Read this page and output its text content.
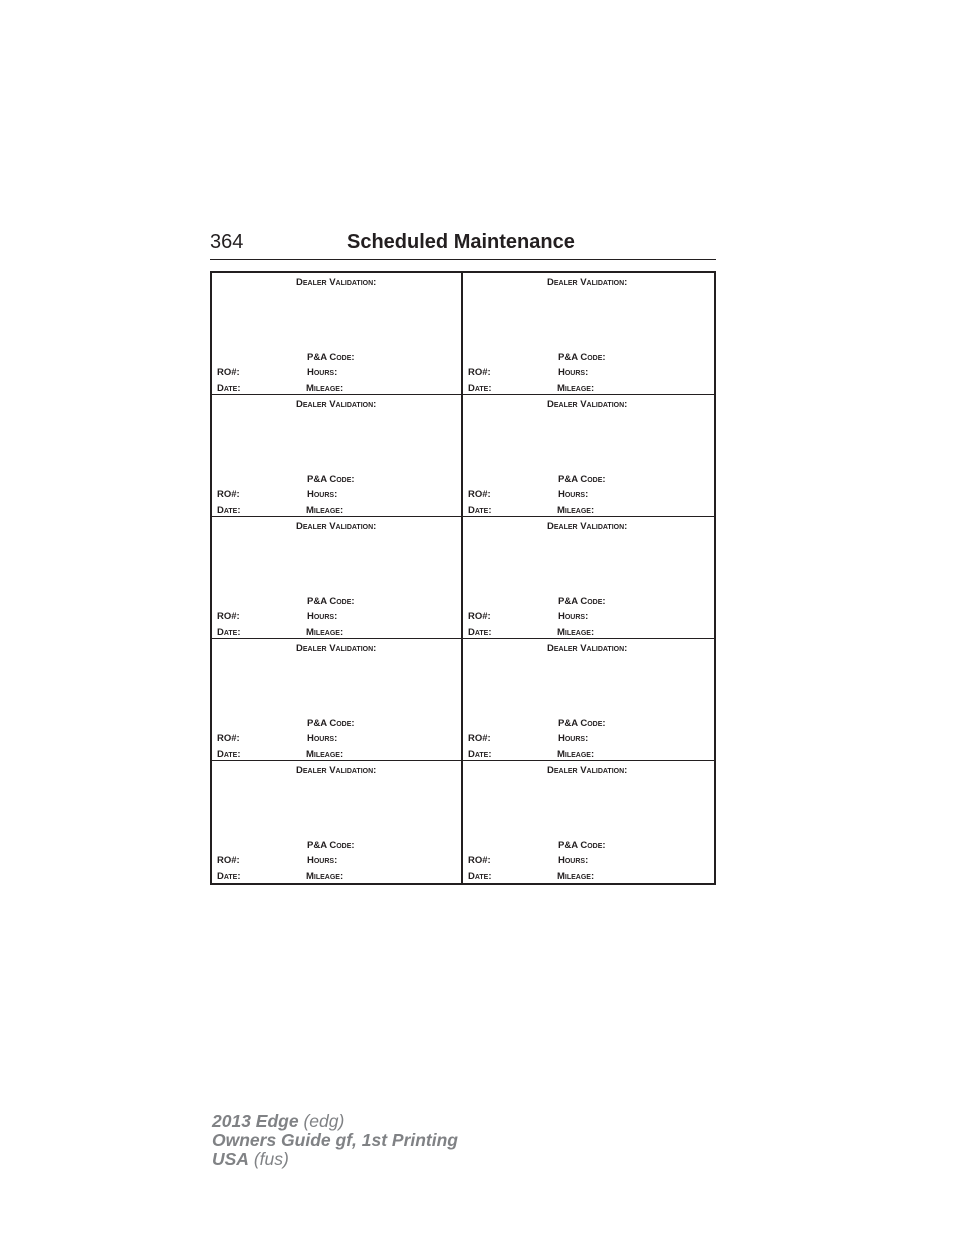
364	Scheduled Maintenance
Dealer Validation:
P&A Code:
RO#:	Hours:
Date:	Mileage:
Dealer Validation:
P&A Code:
RO#:	Hours:
Date:	Mileage:
Dealer Validation:
P&A Code:
RO#:	Hours:
Date:	Mileage:
Dealer Validation:
P&A Code:
RO#:	Hours:
Date:	Mileage:
Dealer Validation:
P&A Code:
RO#:	Hours:
Date:	Mileage:
Dealer Validation:
P&A Code:
RO#:	Hours:
Date:	Mileage:
Dealer Validation:
P&A Code:
RO#:	Hours:
Date:	Mileage:
Dealer Validation:
P&A Code:
RO#:	Hours:
Date:	Mileage:
Dealer Validation:
P&A Code:
RO#:	Hours:
Date:	Mileage:
Dealer Validation:
P&A Code:
RO#:	Hours:
Date:	Mileage:
2013 Edge (edg)
Owners Guide gf, 1st Printing
USA (fus)
